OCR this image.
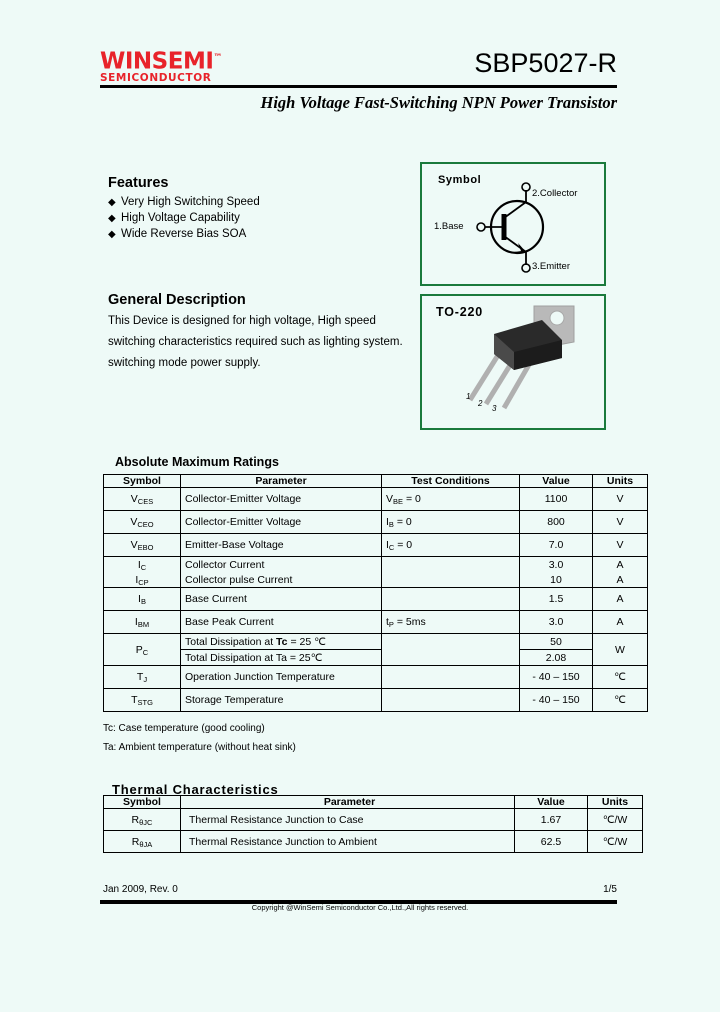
WINSEMI™
SEMICONDUCTOR	SBP5027-R
High Voltage Fast-Switching NPN Power Transistor
Features
◆ Very High Switching Speed
◆ High Voltage Capability
◆ Wide Reverse Bias SOA
General Description
This Device is designed for high voltage, High speed
switching characteristics required such as lighting system.
switching mode power supply.
Symbol
2.Collector
1.Base
3.Emitter
TO-220
1
2
3
Absolute Maximum Ratings
Symbol	Parameter	Test Conditions	Value	Units
$V_{CES}$	Collector-Emitter Voltage	$V_{BE} = 0$	1100	V
$V_{CEO}$	Collector-Emitter Voltage	$I_B = 0$	800	V
$V_{EBO}$	Emitter-Base Voltage	$I_C = 0$	7.0	V
$I_C$	Collector Current		3.0	A
$I_{CP}$	Collector pulse Current		10	A
$I_B$	Base Current		1.5	A
$I_{BM}$	Base Peak Current	$t_P = 5ms$	3.0	A
$P_C$	Total Dissipation at Tc = 25 ℃		50	W
	Total Dissipation at Ta = 25℃		2.08	
$T_J$	Operation Junction Temperature		- 40 – 150	℃
$T_{STG}$	Storage Temperature		- 40 – 150	℃
Tc: Case temperature (good cooling)
Ta: Ambient temperature (without heat sink)
Thermal Characteristics
Symbol	Parameter	Value	Units
$R_{\theta JC}$	Thermal Resistance Junction to Case	1.67	℃/W
$R_{\theta JA}$	Thermal Resistance Junction to Ambient	62.5	℃/W
Jan 2009, Rev. 0	1/5
Copyright @WinSemi Semiconductor Co.,Ltd.,All rights reserved.
